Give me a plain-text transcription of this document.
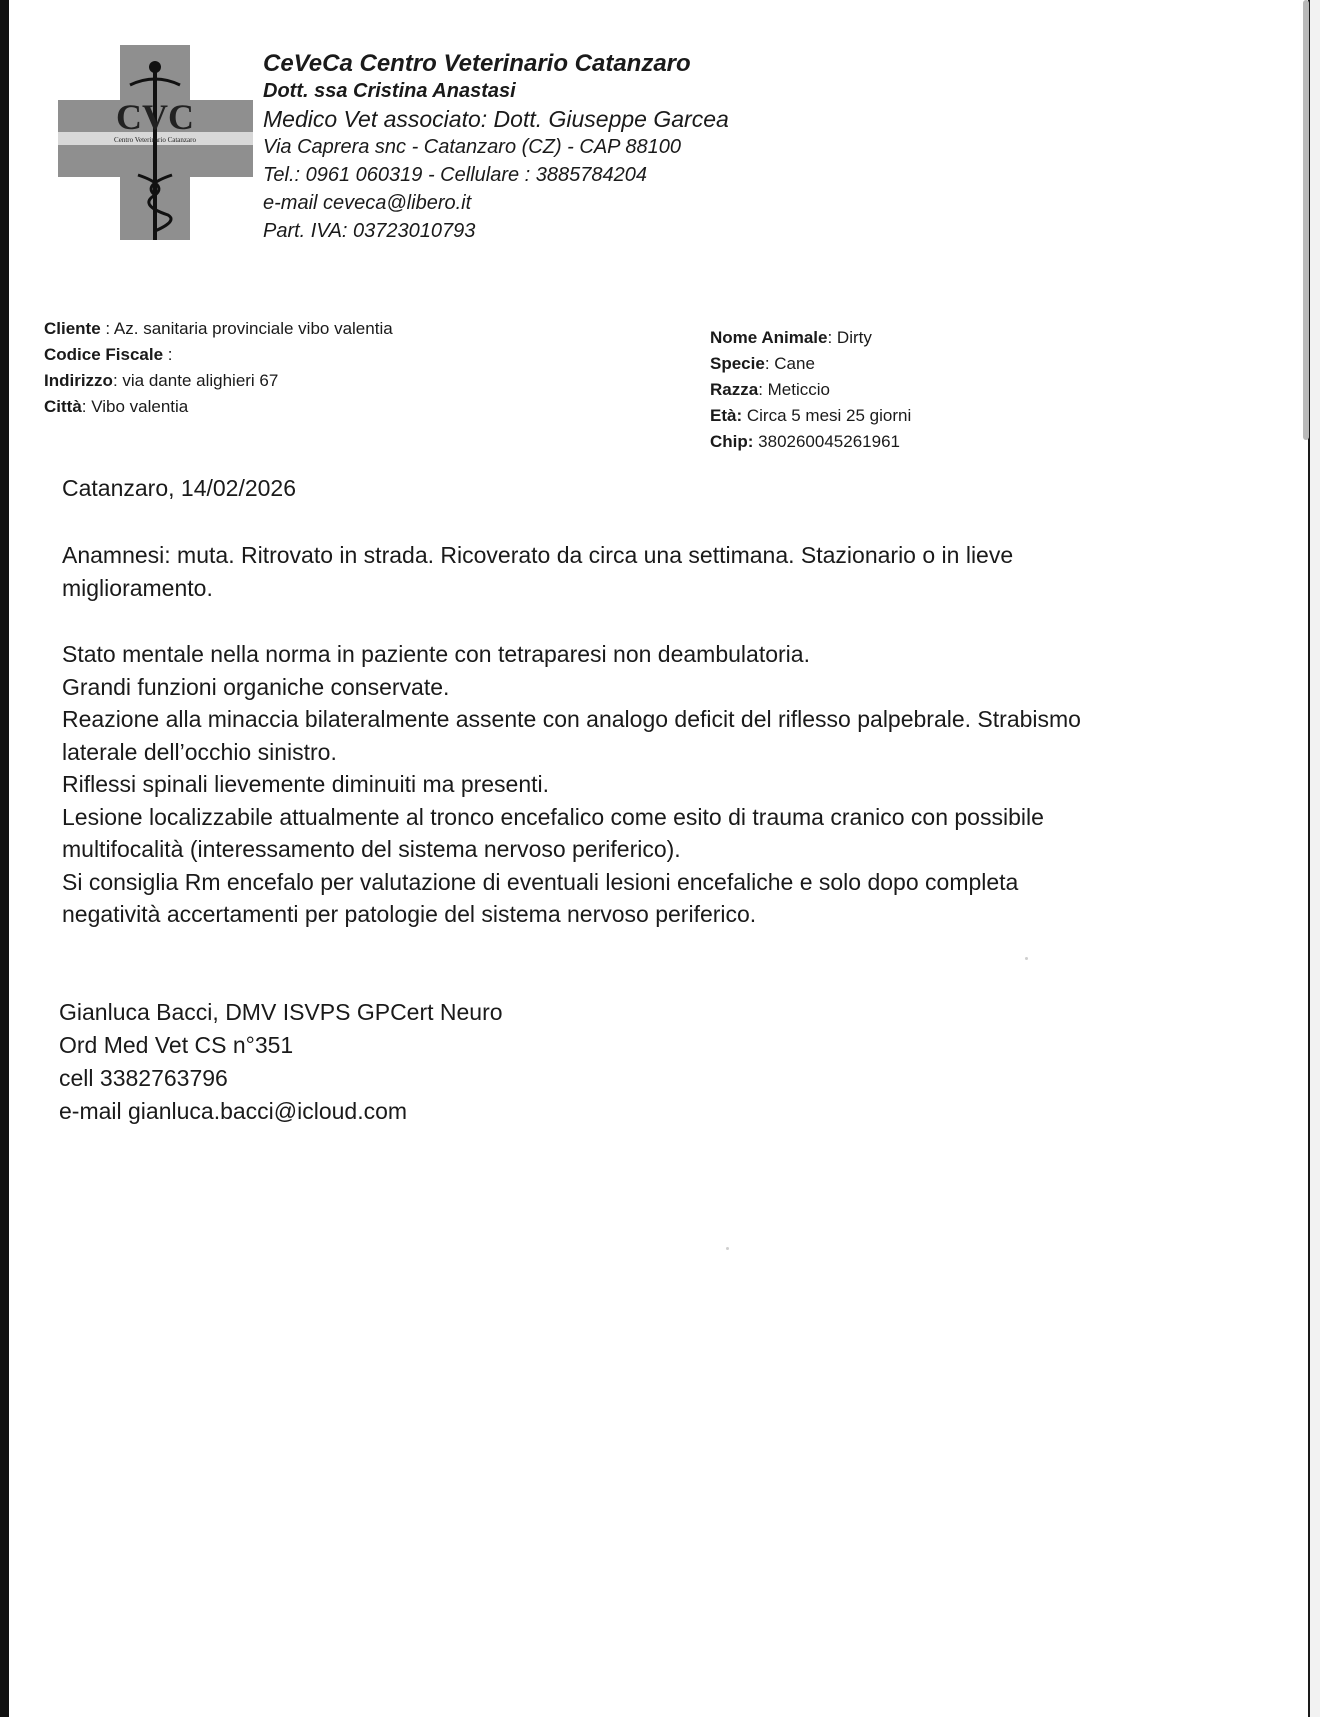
CVC
Centro Veterinario Catanzaro
CeVeCa Centro Veterinario Catanzaro
Dott. ssa Cristina Anastasi
Medico Vet associato: Dott. Giuseppe Garcea
Via Caprera snc - Catanzaro (CZ) - CAP 88100
Tel.: 0961 060319 - Cellulare : 3885784204
e-mail ceveca@libero.it
Part. IVA: 03723010793
Cliente : Az. sanitaria provinciale vibo valentia
Codice Fiscale :
Indirizzo: via dante alighieri 67
Città: Vibo valentia
Nome Animale: Dirty
Specie: Cane
Razza: Meticcio
Età: Circa 5 mesi 25 giorni
Chip: 380260045261961
Catanzaro, 14/02/2026

Anamnesi: muta. Ritrovato in strada. Ricoverato da circa una settimana. Stazionario o in lieve

miglioramento.

Stato mentale nella norma in paziente con tetraparesi non deambulatoria.

Grandi funzioni organiche conservate.

Reazione alla minaccia bilateralmente assente con analogo deficit del riflesso palpebrale. Strabismo

laterale dell’occhio sinistro.

Riflessi spinali lievemente diminuiti ma presenti.

Lesione localizzabile attualmente al tronco encefalico come esito di trauma cranico con possibile

multifocalità (interessamento del sistema nervoso periferico).

Si consiglia Rm encefalo per valutazione di eventuali lesioni encefaliche e solo dopo completa

negatività accertamenti per patologie del sistema nervoso periferico.

Gianluca Bacci, DMV ISVPS GPCert Neuro

Ord Med Vet CS n°351

cell 3382763796

e-mail gianluca.bacci@icloud.com
